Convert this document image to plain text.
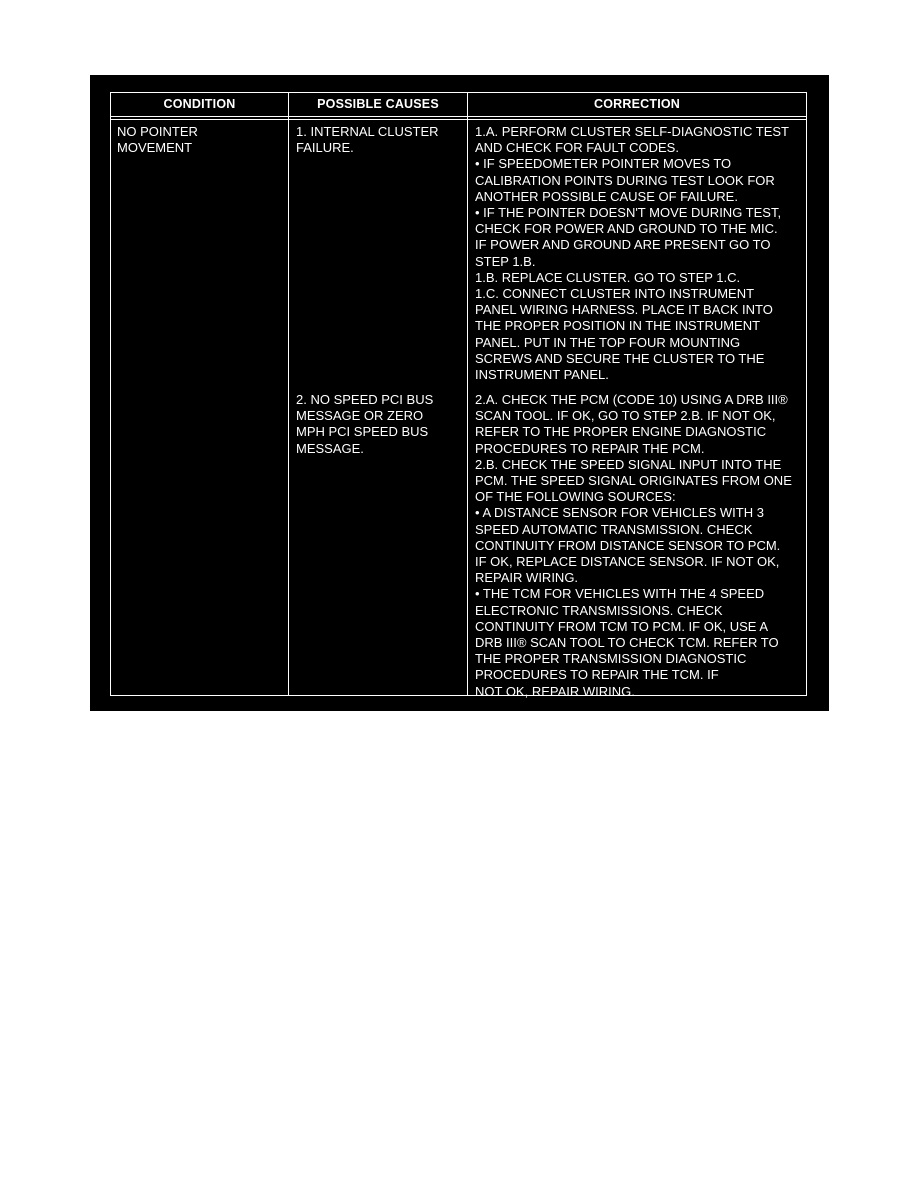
CONDITION	POSSIBLE CAUSES	CORRECTION
NO POINTER
MOVEMENT
1. INTERNAL CLUSTER
FAILURE.
1.A. PERFORM CLUSTER SELF-DIAGNOSTIC TEST
AND CHECK FOR FAULT CODES.
• IF SPEEDOMETER POINTER MOVES TO
CALIBRATION POINTS DURING TEST LOOK FOR
ANOTHER POSSIBLE CAUSE OF FAILURE.
• IF THE POINTER DOESN'T MOVE DURING TEST,
CHECK FOR POWER AND GROUND TO THE MIC.
IF POWER AND GROUND ARE PRESENT GO TO
STEP 1.B.
1.B. REPLACE CLUSTER. GO TO STEP 1.C.
1.C. CONNECT CLUSTER INTO INSTRUMENT
PANEL WIRING HARNESS. PLACE IT BACK INTO
THE PROPER POSITION IN THE INSTRUMENT
PANEL. PUT IN THE TOP FOUR MOUNTING
SCREWS AND SECURE THE CLUSTER TO THE
INSTRUMENT PANEL.
2. NO SPEED PCI BUS
MESSAGE OR ZERO
MPH PCI SPEED BUS
MESSAGE.
2.A. CHECK THE PCM (CODE 10) USING A DRB III®
SCAN TOOL. IF OK, GO TO STEP 2.B. IF NOT OK,
REFER TO THE PROPER ENGINE DIAGNOSTIC
PROCEDURES TO REPAIR THE PCM.
2.B. CHECK THE SPEED SIGNAL INPUT INTO THE
PCM. THE SPEED SIGNAL ORIGINATES FROM ONE
OF THE FOLLOWING SOURCES:
• A DISTANCE SENSOR FOR VEHICLES WITH 3
SPEED AUTOMATIC TRANSMISSION. CHECK
CONTINUITY FROM DISTANCE SENSOR TO PCM.
IF OK, REPLACE DISTANCE SENSOR. IF NOT OK,
REPAIR WIRING.
• THE TCM FOR VEHICLES WITH THE 4 SPEED
ELECTRONIC TRANSMISSIONS. CHECK
CONTINUITY FROM TCM TO PCM. IF OK, USE A
DRB III® SCAN TOOL TO CHECK TCM. REFER TO
THE PROPER TRANSMISSION DIAGNOSTIC
PROCEDURES TO REPAIR THE TCM. IF
NOT OK, REPAIR WIRING.
